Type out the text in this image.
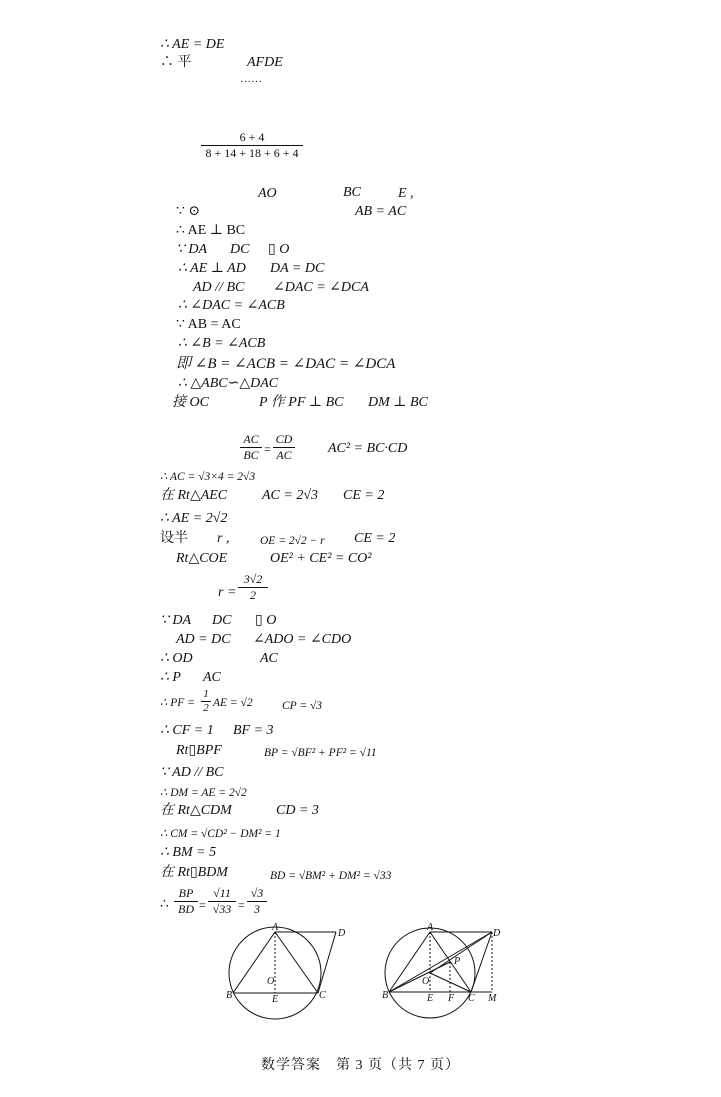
∴ AE = DE
∴ 平	AFDE
……
$\frac{6 + 4}{8 + 14 + 18 + 6 + 4}$
AO	BC	E ,
∵ ⊙	AB = AC
∴ AE ⊥ BC
∵ DA DC ▯ O
∴ AE ⊥ AD DA = DC
AD // BC ∠DAC = ∠DCA
∴ ∠DAC = ∠ACB
∵ AB = AC
∴ ∠B = ∠ACB
即 ∠B = ∠ACB = ∠DAC = ∠DCA
∴ △ABC∽△DAC
接 OC	P 作 PF ⊥ BC DM ⊥ BC
$\frac{AC}{BC} = \frac{CD}{AC} AC^2 = BC\cdot CD$
∴ AC = √3×4 = 2√3
在 Rt△AEC AC = 2√3 CE = 2
∴ AE = 2√2
设半 r ,	OE = 2√2 − r CE = 2
Rt△COE	OE² + CE² = CO²
$r = \frac{3√2}{2}$
∵ DA DC ▯ O
AD = DC ∠ADO = ∠CDO
∴ OD	AC
∴ P AC
∴ PF = $\frac{1}{2}$ AE = √2	CP = √3
∴ CF = 1 BF = 3
Rt▯BPF	BP = √BF² + PF² = √11
∵ AD // BC
∴ DM = AE = 2√2
在 Rt△CDM	CD = 3
∴ CM = √CD² − DM² = 1
∴ BM = 5
在 Rt▯BDM	BD = √BM² + DM² = √33
∴ $\frac{BP}{BD} = \frac{√11}{√33} = \frac{√3}{3}$
A
D
O
B	E	C
A
D
P
O
B	E F C M
数学答案　第 3 页（共 7 页）
